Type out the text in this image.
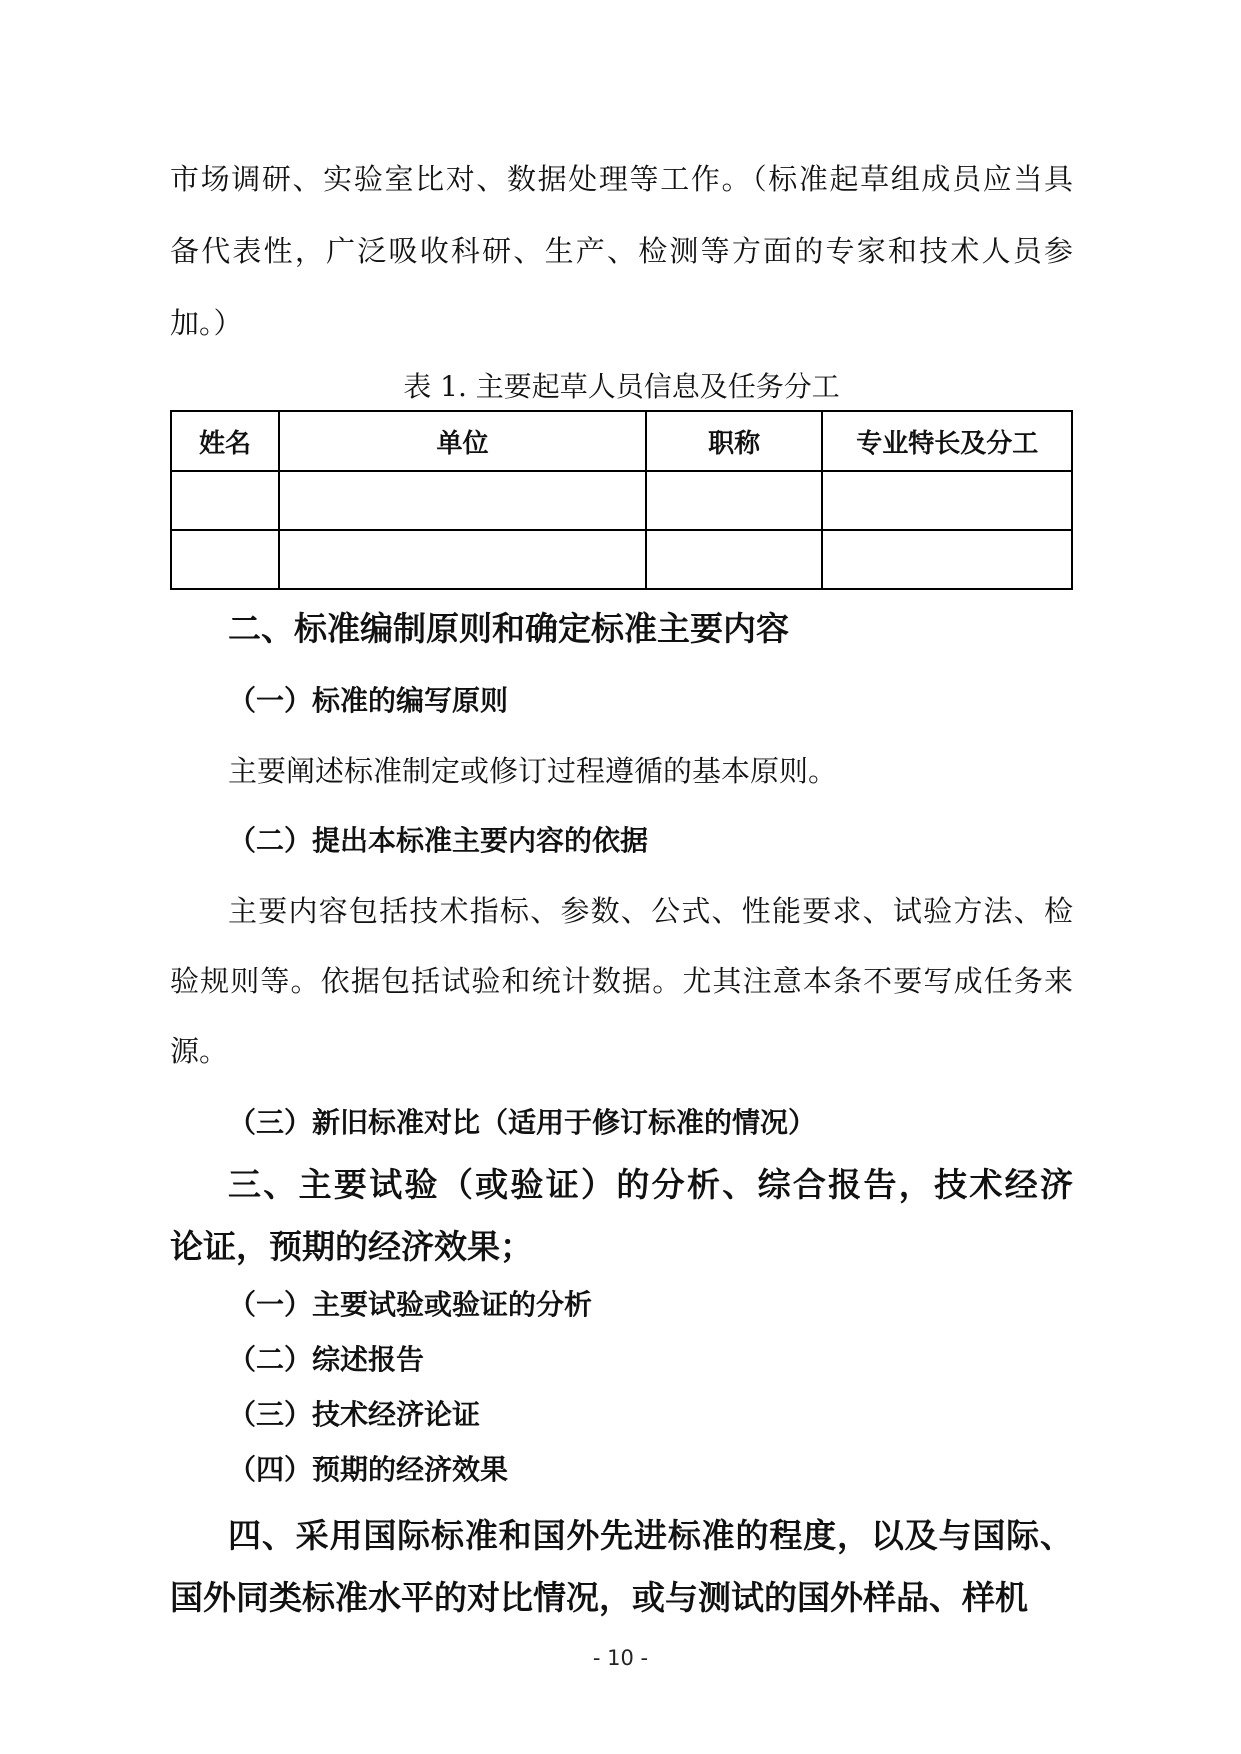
市场调研、实验室比对、数据处理等工作。（标准起草组成员应当具
备代表性，广泛吸收科研、生产、检测等方面的专家和技术人员参
加。）
表 1. 主要起草人员信息及任务分工
姓名	单位	职称	专业特长及分工

二、标准编制原则和确定标准主要内容
（一）标准的编写原则

主要阐述标准制定或修订过程遵循的基本原则。

（二）提出本标准主要内容的依据
主要内容包括技术指标、参数、公式、性能要求、试验方法、检
验规则等。依据包括试验和统计数据。尤其注意本条不要写成任务来
源。
（三）新旧标准对比（适用于修订标准的情况）
三、主要试验（或验证）的分析、综合报告，技术经济
论证，预期的经济效果；
（一）主要试验或验证的分析
（二）综述报告
（三）技术经济论证
（四）预期的经济效果
四、采用国际标准和国外先进标准的程度，以及与国际、
国外同类标准水平的对比情况，或与测试的国外样品、样机
- 10 -
